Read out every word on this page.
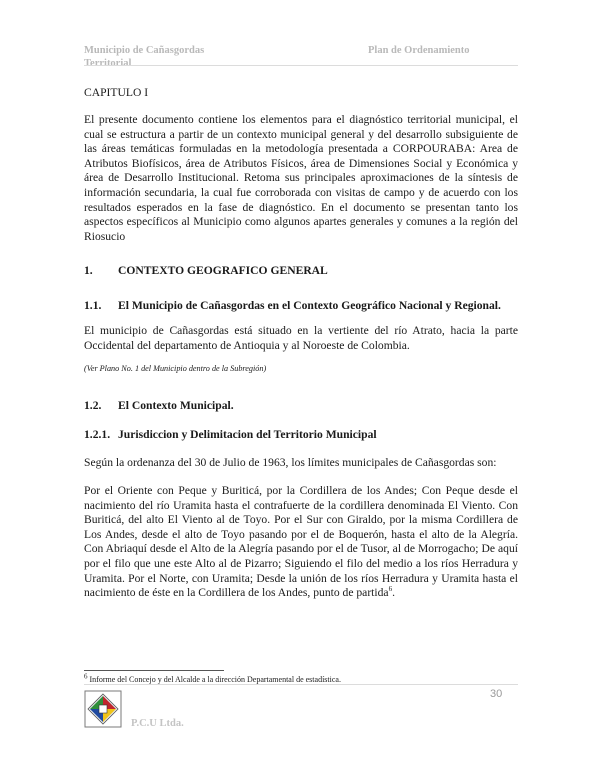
Municipio de Cañasgordas
Territorial
Plan de Ordenamiento
CAPITULO I
El presente documento contiene los elementos para el diagnóstico territorial municipal, el cual se estructura a partir de un contexto municipal general y del desarrollo subsiguiente de las áreas temáticas formuladas en la metodología presentada a CORPOURABA: Area de Atributos Biofísicos, área de Atributos Físicos, área de Dimensiones Social y Económica y área de Desarrollo Institucional. Retoma sus principales aproximaciones de la síntesis de información secundaria, la cual fue corroborada con visitas de campo y de acuerdo con los resultados esperados en la fase de diagnóstico. En el documento se presentan tanto los aspectos específicos al Municipio como algunos apartes generales y comunes a la región del Riosucio
1. CONTEXTO GEOGRAFICO GENERAL
1.1. El Municipio de Cañasgordas en el Contexto Geográfico Nacional y Regional.
El municipio de Cañasgordas está situado en la vertiente del río Atrato, hacia la parte Occidental del departamento de Antioquia y al Noroeste de Colombia.
(Ver Plano No. 1 del Municipio dentro de la Subregión)
1.2. El Contexto Municipal.
1.2.1. Jurisdiccion y Delimitacion del Territorio Municipal
Según la ordenanza del 30 de Julio de 1963, los límites municipales de Cañasgordas son:
Por el Oriente con Peque y Buriticá, por la Cordillera de los Andes; Con Peque desde el nacimiento del río Uramita hasta el contrafuerte de la cordillera denominada El Viento. Con Buriticá, del alto El Viento al de Toyo. Por el Sur con Giraldo, por la misma Cordillera de Los Andes, desde el alto de Toyo pasando por el de Boquerón, hasta el alto de la Alegría. Con Abriaquí desde el Alto de la Alegría pasando por el de Tusor, al de Morrogacho; De aquí por el filo que une este Alto al de Pizarro; Siguiendo el filo del medio a los ríos Herradura y Uramita. Por el Norte, con Uramita; Desde la unión de los ríos Herradura y Uramita hasta el nacimiento de éste en la Cordillera de los Andes, punto de partida$^6$.
$^6$ Informe del Concejo y del Alcalde a la dirección Departamental de estadística.
30
P.C.U Ltda.
